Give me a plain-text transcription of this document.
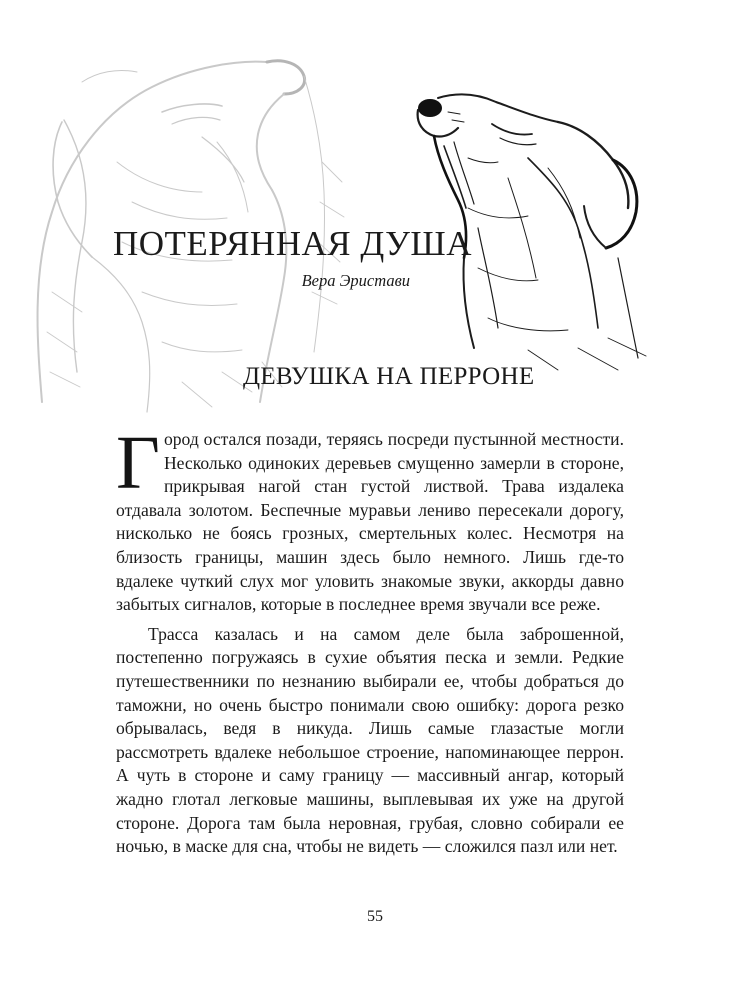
ПОТЕРЯННАЯ ДУША
Вера Эристави
ДЕВУШКА НА ПЕРРОНЕ

Город остался позади, теряясь посреди пустынной местности. Несколько одиноких деревьев смущенно замерли в стороне, прикрывая нагой стан густой листвой. Трава издалека отдавала золотом. Беспечные муравьи лениво пересекали дорогу, нисколько не боясь грозных, смертельных колес. Несмотря на близость границы, машин здесь было немного. Лишь где-то вдалеке чуткий слух мог уловить знакомые звуки, аккорды давно забытых сигналов, которые в последнее время звучали все реже.

Трасса казалась и на самом деле была заброшенной, постепенно погружаясь в сухие объятия песка и земли. Редкие путешественники по незнанию выбирали ее, чтобы добраться до таможни, но очень быстро понимали свою ошибку: дорога резко обрывалась, ведя в никуда. Лишь самые глазастые могли рассмотреть вдалеке небольшое строение, напоминающее перрон. А чуть в стороне и саму границу — массивный ангар, который жадно глотал легковые машины, выплевывая их уже на другой стороне. Дорога там была неровная, грубая, словно собирали ее ночью, в маске для сна, чтобы не видеть — сложился пазл или нет.

55
